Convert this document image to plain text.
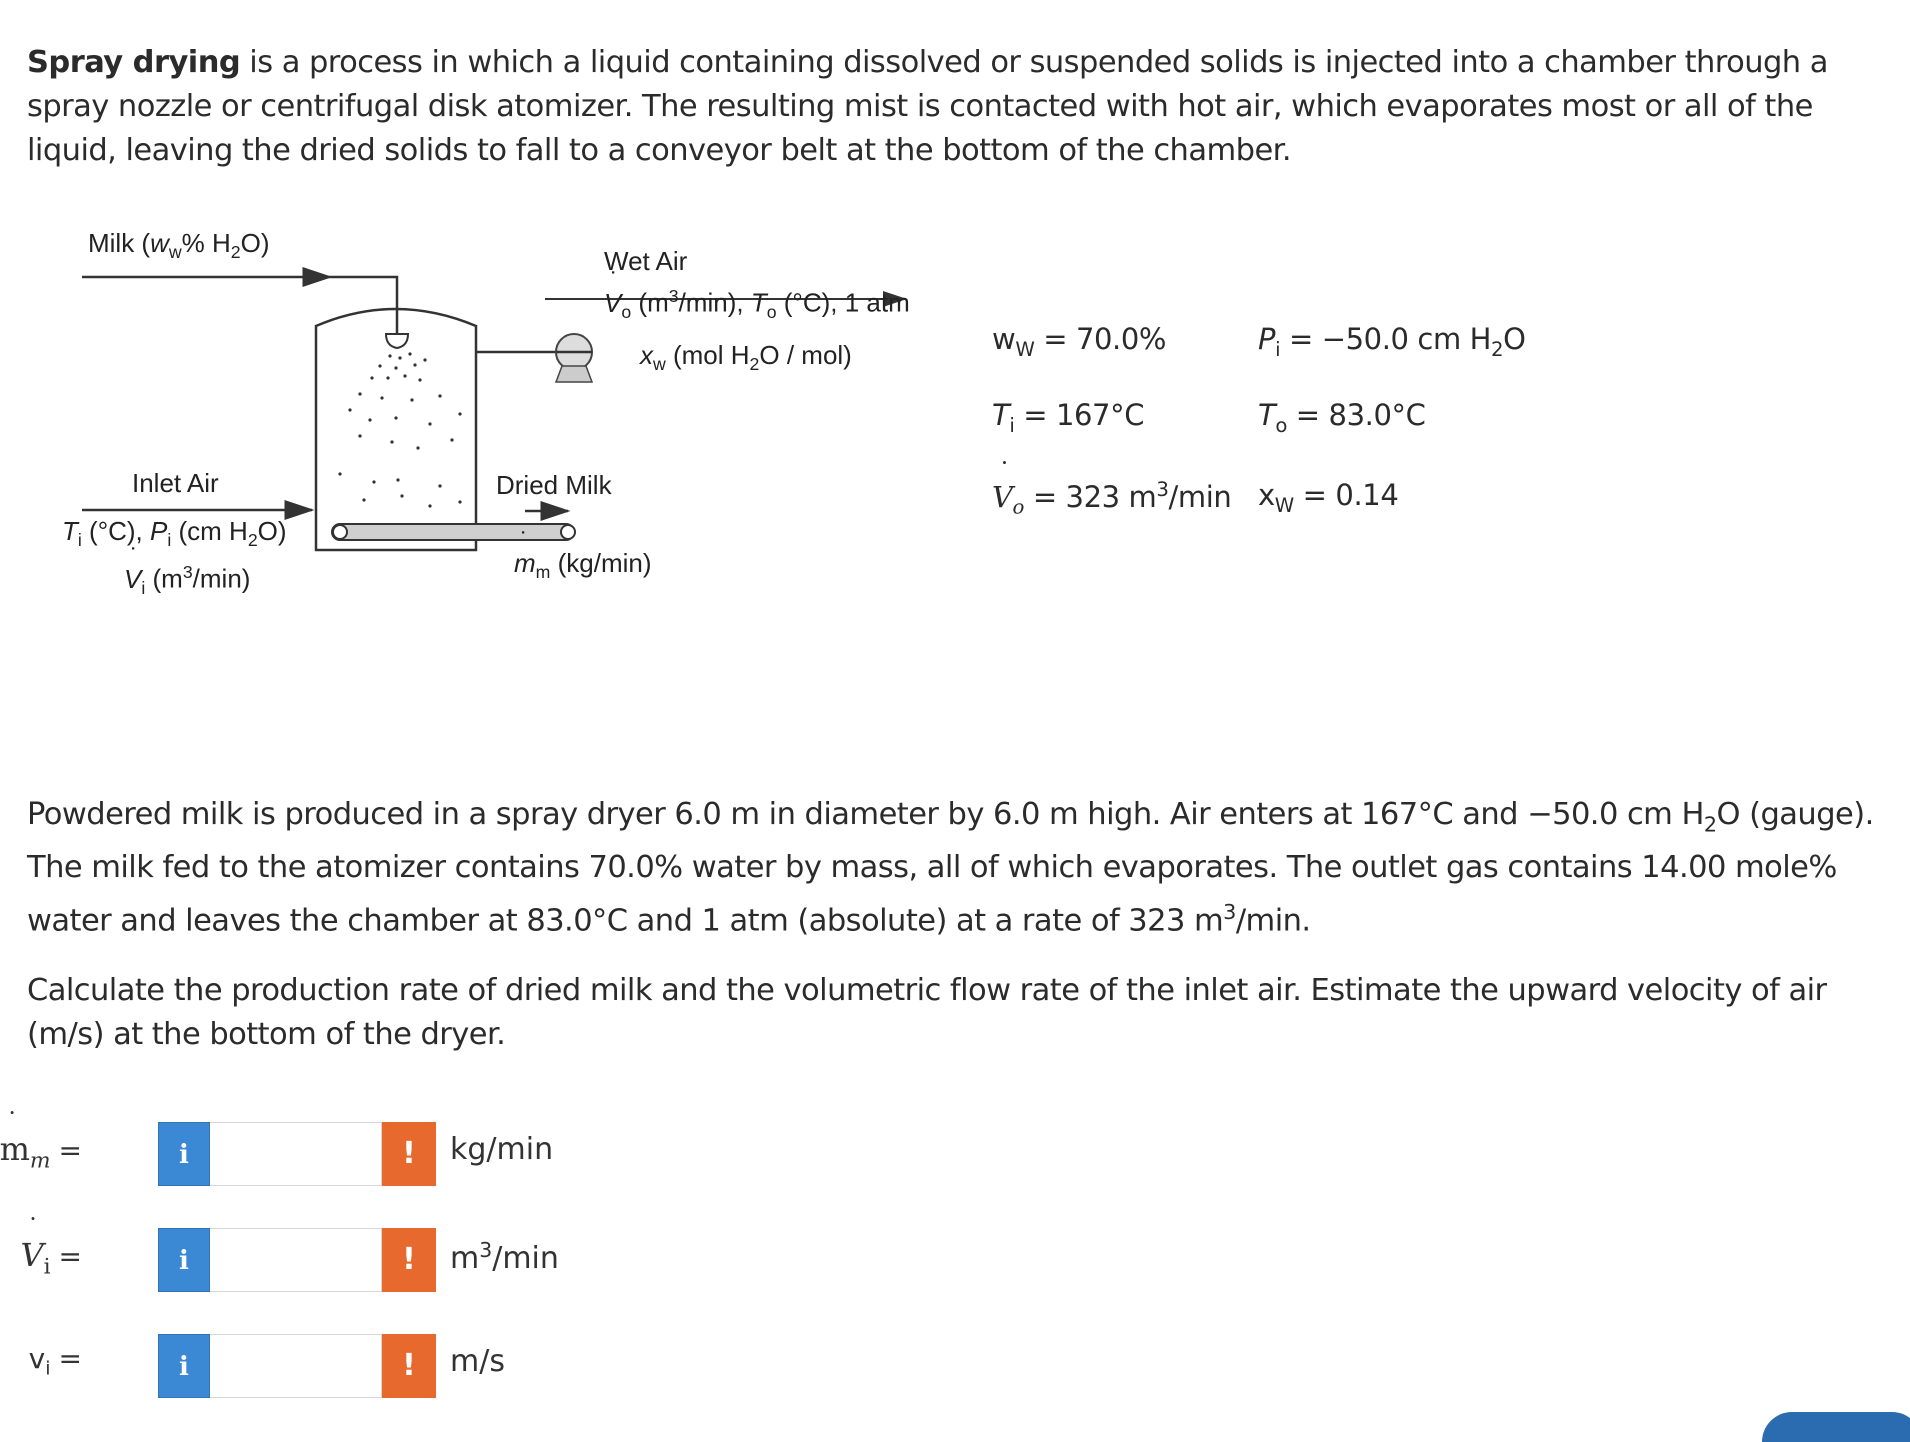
Spray drying is a process in which a liquid containing dissolved or suspended solids is injected into a chamber through a spray nozzle or centrifugal disk atomizer. The resulting mist is contacted with hot air, which evaporates most or all of the liquid, leaving the dried solids to fall to a conveyor belt at the bottom of the chamber.
Milk ($w_w\%$ $H_2O$)
Wet Air
˙ $V_o$ $(m^3/\min)$, $T_o$ (°C), 1 atm
$x_w$ (mol $H_2O / mol$)
Inlet Air
$T_i$ (°C), $P_i$ (cm $H_2O$)
˙ $V_i$ $(m^3/\min)$
Dried Milk
˙ $m_m$ (kg/min)
$w_W = 70.0\%$	$P_i = -50.0$ cm $H_2O$
$T_i = 167^\circ C$	$T_o = 83.0^\circ C$
˙ $V_o = 323$ $m^3/\min$ $x_W = 0.14$
Powdered milk is produced in a spray dryer 6.0 m in diameter by 6.0 m high. Air enters at 167°C and −50.0 cm $H_2O$ (gauge). The milk fed to the atomizer contains 70.0% water by mass, all of which evaporates. The outlet gas contains 14.00 mole% water and leaves the chamber at 83.0°C and 1 atm (absolute) at a rate of 323 $m^3/\min$.
Calculate the production rate of dried milk and the volumetric flow rate of the inlet air. Estimate the upward velocity of air (m/s) at the bottom of the dryer.
˙ $m_m$ =	i	!	kg/min
˙ $V_i$ =	i	!	$m^3/\min$
$v_i$ =	i	!	m/s
